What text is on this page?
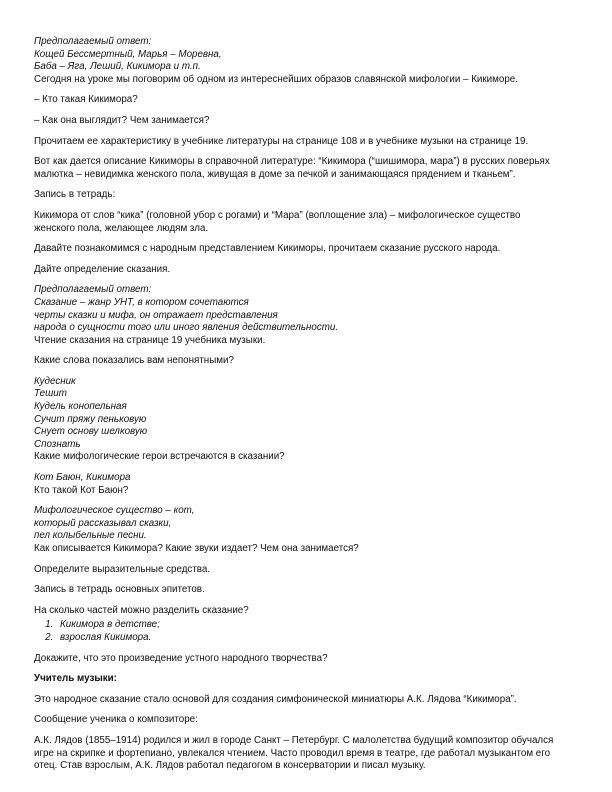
Предполагаемый ответ:

Кощей Бессмертный, Марья – Моревна,

Баба – Яга, Леший, Кикимора и т.п.

Сегодня на уроке мы поговорим об одном из интереснейших образов славянской мифологии – Кикиморе.

– Кто такая Кикимора?

– Как она выглядит? Чем занимается?

Прочитаем ее характеристику в учебнике литературы на странице 108 и в учебнике музыки на странице 19.

Вот как дается описание Кикиморы в справочной литературе: “Кикимора (“шишимора, мара”) в русских поверьях

малютка – невидимка женского пола, живущая в доме за печкой и занимающаяся прядением и тканьем”.

Запись в тетрадь:

Кикимора от слов “кика” (головной убор с рогами) и “Мара” (воплощение зла) – мифологическое существо

женского пола, желающее людям зла.

Давайте познакомимся с народным представлением Кикиморы, прочитаем сказание русского народа.

Дайте определение сказания.

Предполагаемый ответ:

Сказание – жанр УНТ, в котором сочетаются

черты сказки и мифа, он отражает представления

народа о сущности того или иного явления действительности.

Чтение сказания на странице 19 учебника музыки.

Какие слова показались вам непонятными?

Кудесник

Тешит

Кудель конопельная

Сучит пряжу пеньковую

Снует основу шелковую

Спознать

Какие мифологические герои встречаются в сказании?

Кот Баюн, Кикимора

Кто такой Кот Баюн?

Мифологическое существо – кот,

который рассказывал сказки,

пел колыбельные песни.

Как описывается Кикимора? Какие звуки издает? Чем она занимается?

Определите выразительные средства.

Запись в тетрадь основных эпитетов.

На сколько частей можно разделить сказание?

1. Кикимора в детстве;
2. взрослая Кикимора.

Докажите, что это произведение устного народного творчества?

Учитель музыки:

Это народное сказание стало основой для создания симфонической миниатюры А.К. Лядова “Кикимора”.

Сообщение ученика о композиторе:

А.К. Лядов (1855–1914) родился и жил в городе Санкт – Петербург. С малолетства будущий композитор обучался

игре на скрипке и фортепиано, увлекался чтением. Часто проводил время в театре, где работал музыкантом его

отец. Став взрослым, А.К. Лядов работал педагогом в консерватории и писал музыку.
